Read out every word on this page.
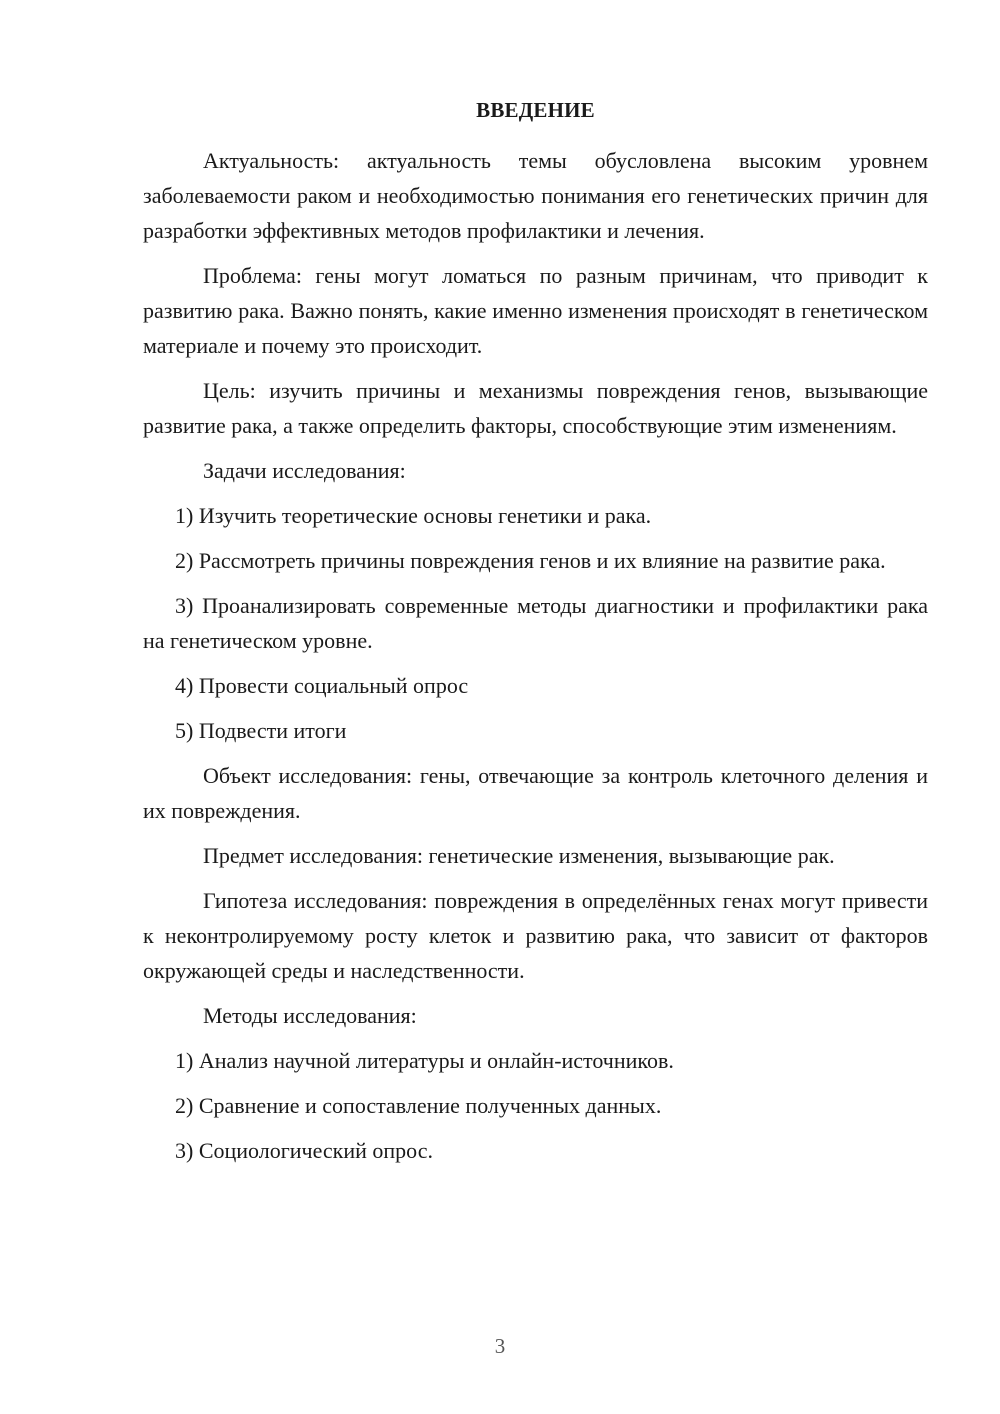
ВВЕДЕНИЕ

Актуальность: актуальность темы обусловлена высоким уровнем заболеваемости раком и необходимостью понимания его генетических причин для разработки эффективных методов профилактики и лечения.

Проблема: гены могут ломаться по разным причинам, что приводит к развитию рака. Важно понять, какие именно изменения происходят в генетическом материале и почему это происходит.

Цель: изучить причины и механизмы повреждения генов, вызывающие развитие рака, а также определить факторы, способствующие этим изменениям.

Задачи исследования:

1) Изучить теоретические основы генетики и рака.

2) Рассмотреть причины повреждения генов и их влияние на развитие рака.

3) Проанализировать современные методы диагностики и профилактики рака на генетическом уровне.

4) Провести социальный опрос

5) Подвести итоги

Объект исследования: гены, отвечающие за контроль клеточного деления и их повреждения.

Предмет исследования: генетические изменения, вызывающие рак.

Гипотеза исследования: повреждения в определённых генах могут привести к неконтролируемому росту клеток и развитию рака, что зависит от факторов окружающей среды и наследственности.

Методы исследования:

1) Анализ научной литературы и онлайн-источников.

2) Сравнение и сопоставление полученных данных.

3) Социологический опрос.

3
